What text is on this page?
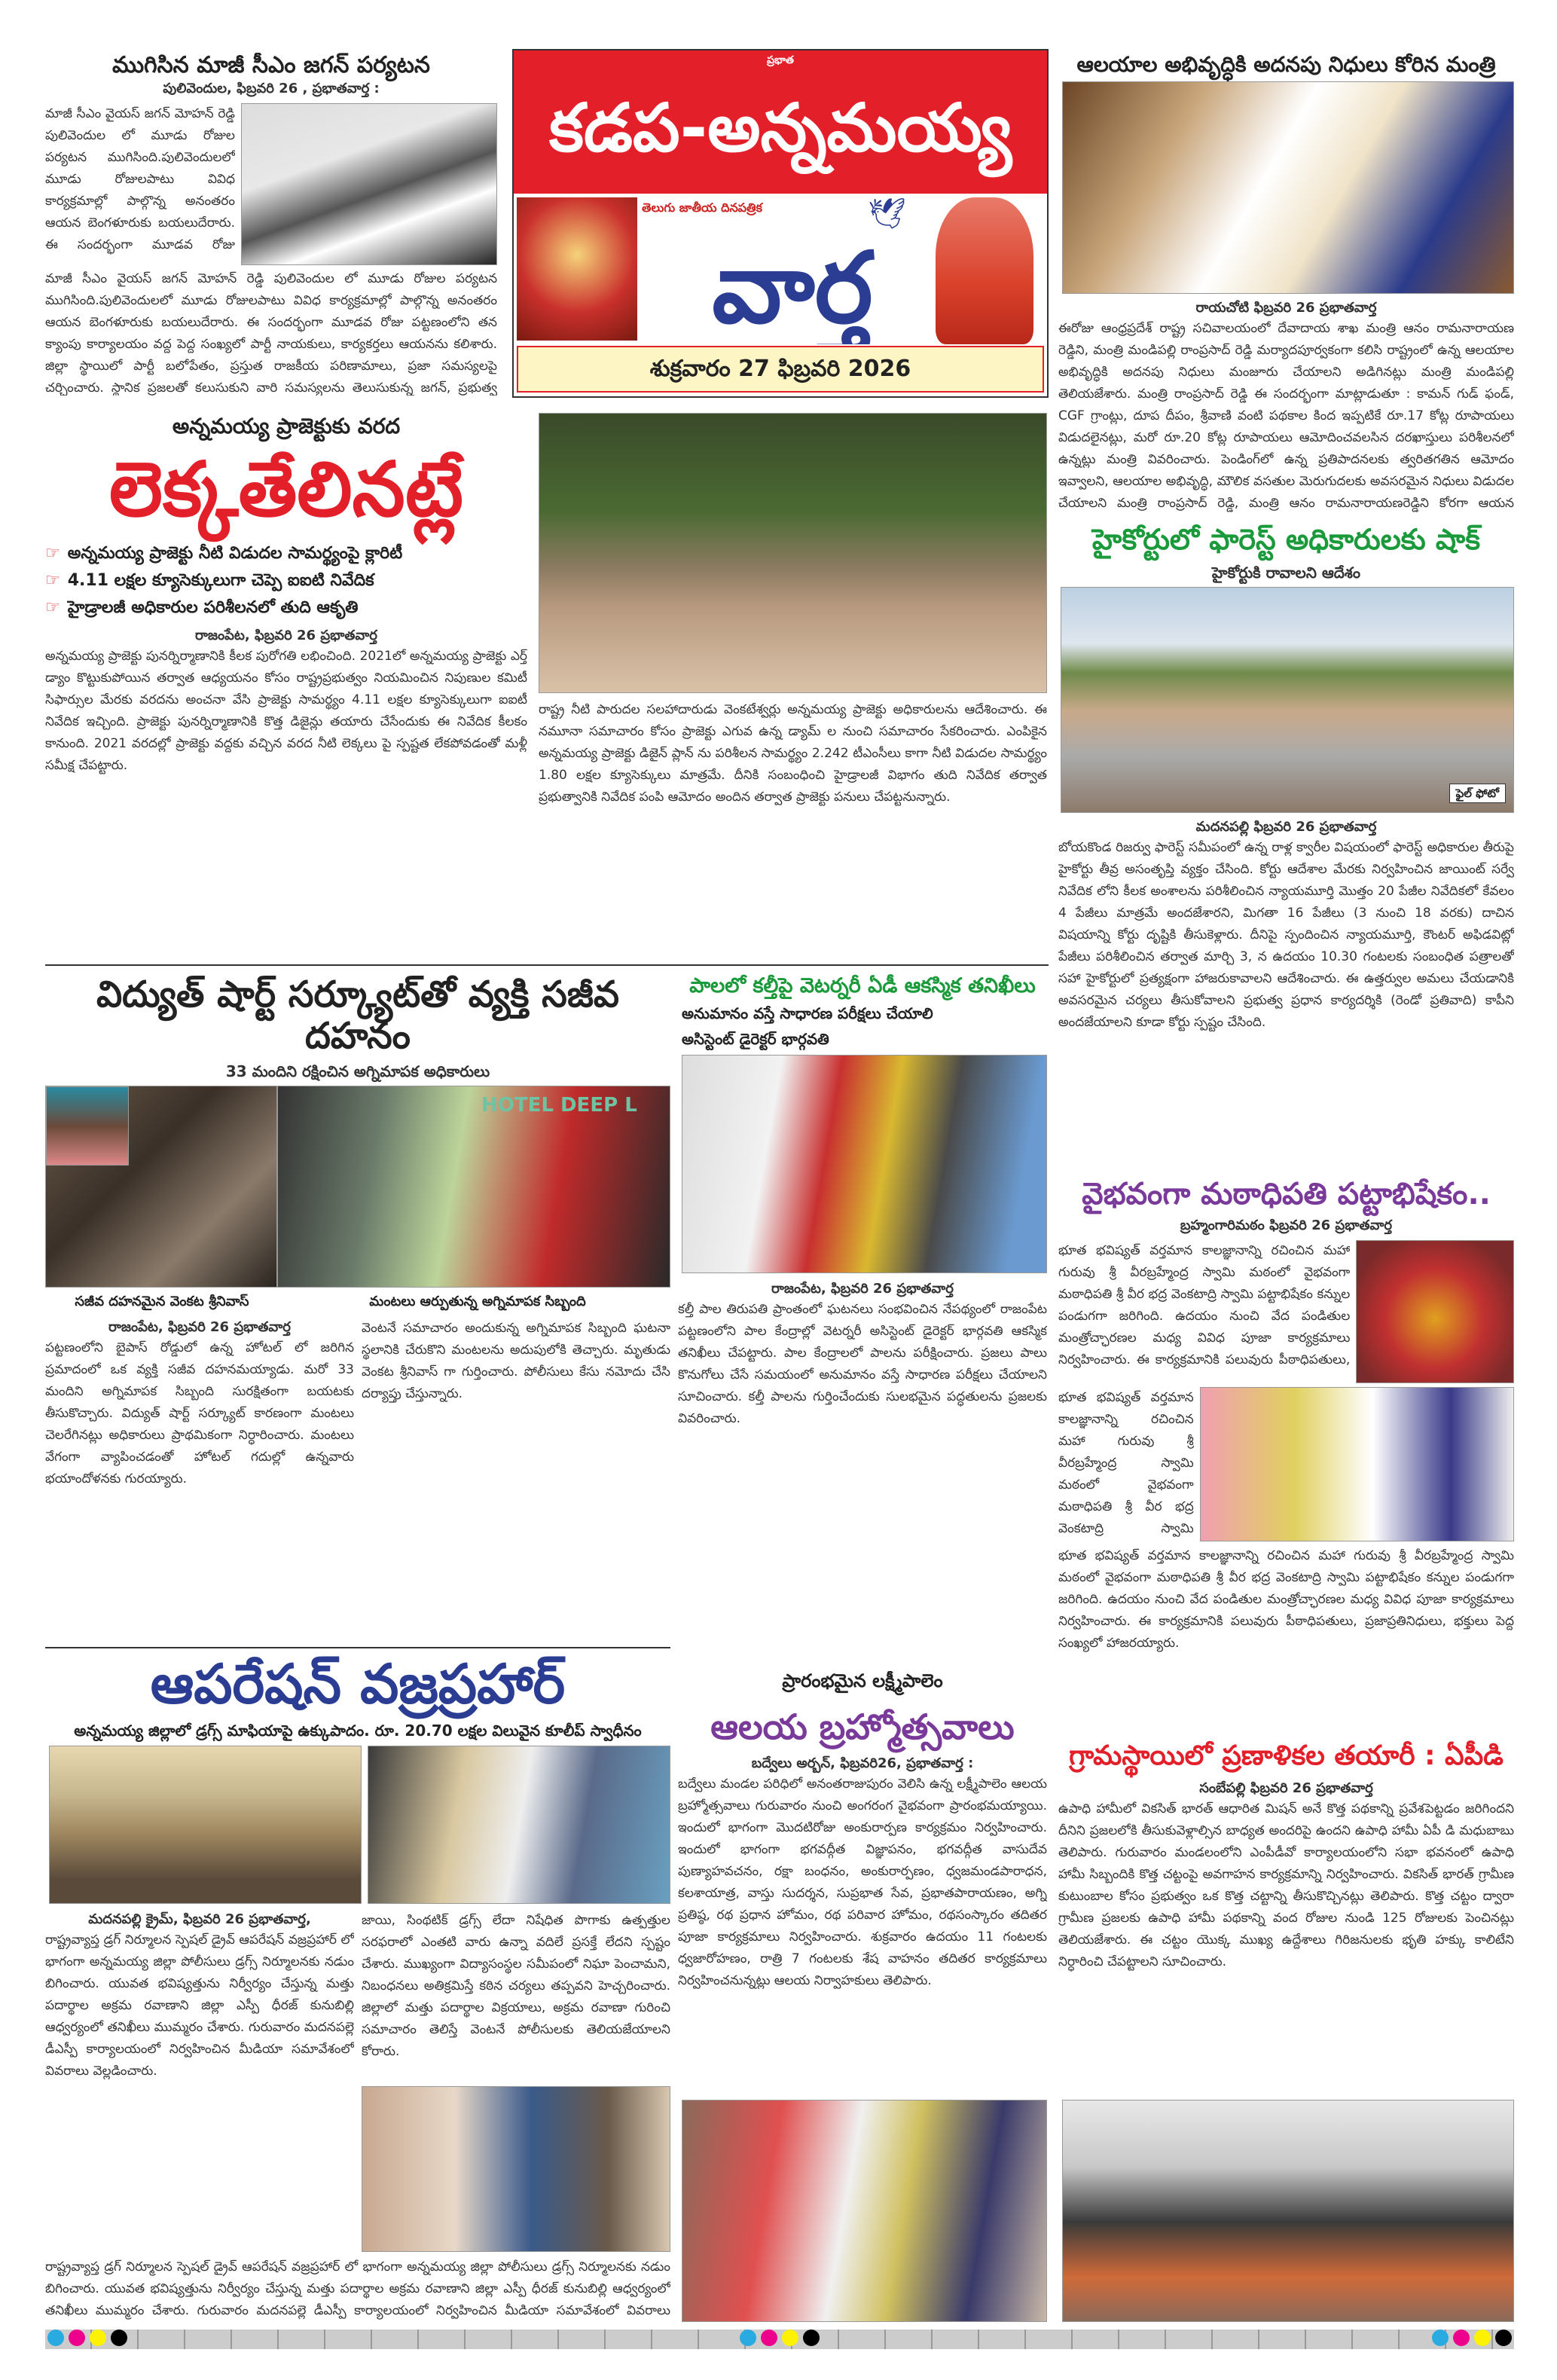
ముగిసిన మాజీ సీఎం జగన్ పర్యటన
పులివెందుల, ఫిబ్రవరి 26 , ప్రభాతవార్త :
మాజీ సీఎం వైయస్ జగన్ మోహన్ రెడ్డి పులివెందుల లో మూడు రోజుల పర్యటన ముగిసింది.పులివెందులలో మూడు రోజులపాటు వివిధ కార్యక్రమాల్లో పాల్గొన్న అనంతరం ఆయన బెంగళూరుకు బయలుదేరారు. ఈ సందర్భంగా మూడవ రోజు
మాజీ సీఎం వైయస్ జగన్ మోహన్ రెడ్డి పులివెందుల లో మూడు రోజుల పర్యటన ముగిసింది.పులివెందులలో మూడు రోజులపాటు వివిధ కార్యక్రమాల్లో పాల్గొన్న అనంతరం ఆయన బెంగళూరుకు బయలుదేరారు. ఈ సందర్భంగా మూడవ రోజు పట్టణంలోని తన క్యాంపు కార్యాలయం వద్ద పెద్ద సంఖ్యలో పార్టీ నాయకులు, కార్యకర్తలు ఆయనను కలిశారు. జిల్లా స్థాయిలో పార్టీ బలోపేతం, ప్రస్తుత రాజకీయ పరిణామాలు, ప్రజా సమస్యలపై చర్చించారు. స్థానిక ప్రజలతో కలుసుకుని వారి సమస్యలను తెలుసుకున్న జగన్, ప్రభుత్వ
ప్రభాత
కడప-అన్నమయ్య
తెలుగు జాతీయ దినపత్రిక	🕊
వార్త
శుక్రవారం 27 ఫిబ్రవరి 2026
ఆలయాల అభివృద్ధికి అదనపు నిధులు కోరిన మంత్రి
రాయచోటి ఫిబ్రవరి 26 ప్రభాతవార్త
ఈరోజు ఆంధ్రప్రదేశ్ రాష్ట్ర సచివాలయంలో దేవాదాయ శాఖ మంత్రి ఆనం రామనారాయణ రెడ్డిని, మంత్రి మండిపల్లి రాంప్రసాద్ రెడ్డి మర్యాదపూర్వకంగా కలిసి రాష్ట్రంలో ఉన్న ఆలయాల అభివృద్ధికి అదనపు నిధులు మంజూరు చేయాలని అడిగినట్లు మంత్రి మండిపల్లి తెలియజేశారు. మంత్రి రాంప్రసాద్ రెడ్డి ఈ సందర్భంగా మాట్లాడుతూ : కామన్ గుడ్ ఫండ్, CGF గ్రాంట్లు, దూప దీపం, శ్రీవాణి వంటి పథకాల కింద ఇప్పటికే రూ.17 కోట్ల రూపాయలు విడుదలైనట్లు, మరో రూ.20 కోట్ల రూపాయలు ఆమోదించవలసిన దరఖాస్తులు పరిశీలనలో ఉన్నట్లు మంత్రి వివరించారు. పెండింగ్‌లో ఉన్న ప్రతిపాదనలకు త్వరితగతిన ఆమోదం ఇవ్వాలని, ఆలయాల అభివృద్ధి, మౌలిక వసతుల మెరుగుదలకు అవసరమైన నిధులు విడుదల చేయాలని మంత్రి రాంప్రసాద్ రెడ్డి, మంత్రి ఆనం రామనారాయణరెడ్డిని కోరగా ఆయన
అన్నమయ్య ప్రాజెక్టుకు వరద
లెక్కతేలినట్లే
☞ అన్నమయ్య ప్రాజెక్టు నీటి విడుదల సామర్థ్యంపై క్లారిటీ
☞ 4.11 లక్షల క్యూసెక్కులుగా చెప్పె ఐఐటి నివేదిక
☞ హైడ్రాలజీ అధికారుల పరిశీలనలో తుది ఆకృతి
రాజంపేట, ఫిబ్రవరి 26 ప్రభాతవార్త
అన్నమయ్య ప్రాజెక్టు పునర్నిర్మాణానికి కీలక పురోగతి లభించింది. 2021లో అన్నమయ్య ప్రాజెక్టు ఎర్త్ డ్యాం కొట్టుకుపోయిన తర్వాత ఆధ్యయనం కోసం రాష్ట్రప్రభుత్వం నియమించిన నిపుణుల కమిటీ సిఫార్సుల మేరకు వరదను అంచనా వేసి ప్రాజెక్టు సామర్థ్యం 4.11 లక్షల క్యూసెక్కులుగా ఐఐటీ నివేదిక ఇచ్చింది. ప్రాజెక్టు పునర్నిర్మాణానికి కొత్త డిజైన్లు తయారు చేసేందుకు ఈ నివేదిక కీలకం కానుంది. 2021 వరదల్లో ప్రాజెక్టు వద్దకు వచ్చిన వరద నీటి లెక్కలు పై స్పష్టత లేకపోవడంతో మళ్లీ సమీక్ష చేపట్టారు.
రాష్ట్ర నీటి పారుదల సలహాదారుడు వెంకటేశ్వర్లు అన్నమయ్య ప్రాజెక్టు అధికారులను ఆదేశించారు. ఈ నమూనా సమాచారం కోసం ప్రాజెక్టు ఎగువ ఉన్న డ్యామ్ ల నుంచి సమాచారం సేకరించారు. ఎంపికైన అన్నమయ్య ప్రాజెక్టు డిజైన్ ప్లాన్ ను పరిశీలన సామర్థ్యం 2.242 టీఎంసీలు కాగా నీటి విడుదల సామర్థ్యం 1.80 లక్షల క్యూసెక్కులు మాత్రమే. దీనికి సంబంధించి హైడ్రాలజీ విభాగం తుది నివేదిక తర్వాత ప్రభుత్వానికి నివేదిక పంపి ఆమోదం అందిన తర్వాత ప్రాజెక్టు పనులు చేపట్టనున్నారు.
హైకోర్టులో ఫారెస్ట్ అధికారులకు షాక్
హైకోర్టుకి రావాలని ఆదేశం
ఫైల్ ఫోటో
మదనపల్లి ఫిబ్రవరి 26 ప్రభాతవార్త
బోయకొండ రిజర్వు ఫారెస్ట్ సమీపంలో ఉన్న రాళ్ల క్వారీల విషయంలో ఫారెస్ట్ అధికారుల తీరుపై హైకోర్టు తీవ్ర అసంతృప్తి వ్యక్తం చేసింది. కోర్టు ఆదేశాల మేరకు నిర్వహించిన జాయింట్ సర్వే నివేదిక లోని కీలక అంశాలను పరిశీలించిన న్యాయమూర్తి మొత్తం 20 పేజీల నివేదికలో కేవలం 4 పేజీలు మాత్రమే అందజేశారని, మిగతా 16 పేజీలు (3 నుంచి 18 వరకు) దాచిన విషయాన్ని కోర్టు దృష్టికి తీసుకెళ్లారు. దీనిపై స్పందించిన న్యాయమూర్తి, కౌంటర్ అఫిడవిట్లో పేజీలు పరిశీలించిన తర్వాత మార్చి 3, న ఉదయం 10.30 గంటలకు సంబంధిత పత్రాలతో సహా హైకోర్టులో ప్రత్యక్షంగా హాజరుకావాలని ఆదేశించారు. ఈ ఉత్తర్వుల అమలు చేయడానికి అవసరమైన చర్యలు తీసుకోవాలని ప్రభుత్వ ప్రధాన కార్యదర్శికి (రెండో ప్రతివాది) కాపీని అందజేయాలని కూడా కోర్టు స్పష్టం చేసింది.
విద్యుత్ షార్ట్ సర్క్యూట్‌తో వ్యక్తి సజీవ దహనం
33 మందిని రక్షించిన అగ్నిమాపక అధికారులు
HOTEL DEEP L
సజీవ దహనమైన వెంకట శ్రీనివాస్	మంటలు ఆర్పుతున్న అగ్నిమాపక సిబ్బంది
రాజంపేట, ఫిబ్రవరి 26 ప్రభాతవార్త
పట్టణంలోని బైపాస్ రోడ్డులో ఉన్న హోటల్ లో జరిగిన ప్రమాదంలో ఒక వ్యక్తి సజీవ దహనమయ్యాడు. మరో 33 మందిని అగ్నిమాపక సిబ్బంది సురక్షితంగా బయటకు తీసుకొచ్చారు. విద్యుత్ షార్ట్ సర్క్యూట్ కారణంగా మంటలు చెలరేగినట్లు అధికారులు ప్రాథమికంగా నిర్ధారించారు. మంటలు వేగంగా వ్యాపించడంతో హోటల్ గదుల్లో ఉన్నవారు భయాందోళనకు గురయ్యారు.
వెంటనే సమాచారం అందుకున్న అగ్నిమాపక సిబ్బంది ఘటనా స్థలానికి చేరుకొని మంటలను అదుపులోకి తెచ్చారు. మృతుడు వెంకట శ్రీనివాస్ గా గుర్తించారు. పోలీసులు కేసు నమోదు చేసి దర్యాప్తు చేస్తున్నారు.
పాలలో కల్తీపై వెటర్నరీ ఏడీ ఆకస్మిక తనిఖీలు
అనుమానం వస్తే సాధారణ పరీక్షలు చేయాలి
అసిస్టెంట్ డైరెక్టర్ భార్గవతి
రాజంపేట, ఫిబ్రవరి 26 ప్రభాతవార్త
కల్తీ పాల తిరుపతి ప్రాంతంలో ఘటనలు సంభవించిన నేపథ్యంలో రాజంపేట పట్టణంలోని పాల కేంద్రాల్లో వెటర్నరీ అసిస్టెంట్ డైరెక్టర్ భార్గవతి ఆకస్మిక తనిఖీలు చేపట్టారు. పాల కేంద్రాలలో పాలను పరీక్షించారు. ప్రజలు పాలు కొనుగోలు చేసే సమయంలో అనుమానం వస్తే సాధారణ పరీక్షలు చేయాలని సూచించారు. కల్తీ పాలను గుర్తించేందుకు సులభమైన పద్ధతులను ప్రజలకు వివరించారు.
వైభవంగా మఠాధిపతి పట్టాభిషేకం..
బ్రహ్మంగారిమఠం ఫిబ్రవరి 26 ప్రభాతవార్త
భూత భవిష్యత్ వర్తమాన కాలజ్ఞానాన్ని రచించిన మహా గురువు శ్రీ వీరబ్రహ్మేంద్ర స్వామి మఠంలో వైభవంగా మఠాధిపతి శ్రీ వీర భద్ర వెంకటాద్రి స్వామి పట్టాభిషేకం కన్నుల పండుగగా జరిగింది. ఉదయం నుంచి వేద పండితుల మంత్రోచ్ఛారణల మధ్య వివిధ పూజా కార్యక్రమాలు నిర్వహించారు. ఈ కార్యక్రమానికి పలువురు పీఠాధిపతులు,
భూత భవిష్యత్ వర్తమాన కాలజ్ఞానాన్ని రచించిన మహా గురువు శ్రీ వీరబ్రహ్మేంద్ర స్వామి మఠంలో వైభవంగా మఠాధిపతి శ్రీ వీర భద్ర వెంకటాద్రి స్వామి
భూత భవిష్యత్ వర్తమాన కాలజ్ఞానాన్ని రచించిన మహా గురువు శ్రీ వీరబ్రహ్మేంద్ర స్వామి మఠంలో వైభవంగా మఠాధిపతి శ్రీ వీర భద్ర వెంకటాద్రి స్వామి పట్టాభిషేకం కన్నుల పండుగగా జరిగింది. ఉదయం నుంచి వేద పండితుల మంత్రోచ్ఛారణల మధ్య వివిధ పూజా కార్యక్రమాలు నిర్వహించారు. ఈ కార్యక్రమానికి పలువురు పీఠాధిపతులు, ప్రజాప్రతినిధులు, భక్తులు పెద్ద సంఖ్యలో హాజరయ్యారు.
ఆపరేషన్ వజ్రప్రహార్
అన్నమయ్య జిల్లాలో డ్రగ్స్ మాఫియాపై ఉక్కుపాదం. రూ. 20.70 లక్షల విలువైన కూలీప్ స్వాధీనం
మదనపల్లి క్రైమ్, ఫిబ్రవరి 26 ప్రభాతవార్త,
రాష్ట్రవ్యాప్త డ్రగ్ నిర్మూలన స్పెషల్ డ్రైవ్ ఆపరేషన్ వజ్రప్రహార్ లో భాగంగా అన్నమయ్య జిల్లా పోలీసులు డ్రగ్స్ నిర్మూలనకు నడుం బిగించారు. యువత భవిష్యత్తును నిర్వీర్యం చేస్తున్న మత్తు పదార్థాల అక్రమ రవాణాని జిల్లా ఎస్పీ ధీరజ్ కునుబిల్లి ఆధ్వర్యంలో తనిఖీలు ముమ్మరం చేశారు. గురువారం మదనపల్లె డీఎస్పీ కార్యాలయంలో నిర్వహించిన మీడియా సమావేశంలో వివరాలు వెల్లడించారు.
జాయి, సింథటిక్ డ్రగ్స్ లేదా నిషేధిత పొగాకు ఉత్పత్తుల సరఫరాలో ఎంతటి వారు ఉన్నా వదిలే ప్రసక్తే లేదని స్పష్టం చేశారు. ముఖ్యంగా విద్యాసంస్థల సమీపంలో నిఘా పెంచామని, నిబంధనలు అతిక్రమిస్తే కఠిన చర్యలు తప్పవని హెచ్చరించారు. జిల్లాలో మత్తు పదార్థాల విక్రయాలు, అక్రమ రవాణా గురించి సమాచారం తెలిస్తే వెంటనే పోలీసులకు తెలియజేయాలని కోరారు.
రాష్ట్రవ్యాప్త డ్రగ్ నిర్మూలన స్పెషల్ డ్రైవ్ ఆపరేషన్ వజ్రప్రహార్ లో భాగంగా అన్నమయ్య జిల్లా పోలీసులు డ్రగ్స్ నిర్మూలనకు నడుం బిగించారు. యువత భవిష్యత్తును నిర్వీర్యం చేస్తున్న మత్తు పదార్థాల అక్రమ రవాణాని జిల్లా ఎస్పీ ధీరజ్ కునుబిల్లి ఆధ్వర్యంలో తనిఖీలు ముమ్మరం చేశారు. గురువారం మదనపల్లె డీఎస్పీ కార్యాలయంలో నిర్వహించిన మీడియా సమావేశంలో వివరాలు
ప్రారంభమైన లక్ష్మీపాలెం
ఆలయ బ్రహ్మోత్సవాలు
బద్వేలు అర్బన్, ఫిబ్రవరి26, ప్రభాతవార్త :
బద్వేలు మండల పరిధిలో అనంతరాజుపురం వెలిసి ఉన్న లక్ష్మీపాలెం ఆలయ బ్రహ్మోత్సవాలు గురువారం నుంచి అంగరంగ వైభవంగా ప్రారంభమయ్యాయి. ఇందులో భాగంగా మొదటిరోజు అంకురార్పణ కార్యక్రమం నిర్వహించారు. ఇందులో భాగంగా భగవద్గీత విజ్ఞాపనం, భగవద్గీత వాసుదేవ పుణ్యాహవచనం, రక్షా బంధనం, అంకురార్పణం, ధ్వజమండపారాధన, కలశాయాత్ర, వాస్తు సుదర్శన, సుప్రభాత సేవ, ప్రభాతపారాయణం, అగ్ని ప్రతిష్ఠ, రథ ప్రధాన హోమం, రథ పరివార హోమం, రథసంస్కారం తదితర పూజా కార్యక్రమాలు నిర్వహించారు. శుక్రవారం ఉదయం 11 గంటలకు ధ్వజారోహణం, రాత్రి 7 గంటలకు శేష వాహనం తదితర కార్యక్రమాలు నిర్వహించనున్నట్లు ఆలయ నిర్వాహకులు తెలిపారు.
గ్రామస్థాయిలో ప్రణాళికల తయారీ : ఏపీడి
సంబేపల్లి ఫిబ్రవరి 26 ప్రభాతవార్త
ఉపాధి హామీలో వికసిత్ భారత్ ఆధారిత మిషన్ అనే కొత్త పథకాన్ని ప్రవేశపెట్టడం జరిగిందని దీనిని ప్రజలలోకి తీసుకువెళ్లాల్సిన బాధ్యత అందరిపై ఉందని ఉపాధి హామీ ఏపీ డి మధుబాబు తెలిపారు. గురువారం మండలంలోని ఎంపీడీవో కార్యాలయంలోని సభా భవనంలో ఉపాధి హామీ సిబ్బందికి కొత్త చట్టంపై అవగాహన కార్యక్రమాన్ని నిర్వహించారు. వికసిత్ భారత్ గ్రామీణ కుటుంబాల కోసం ప్రభుత్వం ఒక కొత్త చట్టాన్ని తీసుకొచ్చినట్లు తెలిపారు. కొత్త చట్టం ద్వారా గ్రామీణ ప్రజలకు ఉపాధి హామీ పథకాన్ని వంద రోజుల నుండి 125 రోజులకు పెంచినట్లు తెలియజేశారు. ఈ చట్టం యొక్క ముఖ్య ఉద్దేశాలు గిరిజనులకు భృతి హక్కు కాలిటేని నిర్ధారించి చేపట్టాలని సూచించారు.
